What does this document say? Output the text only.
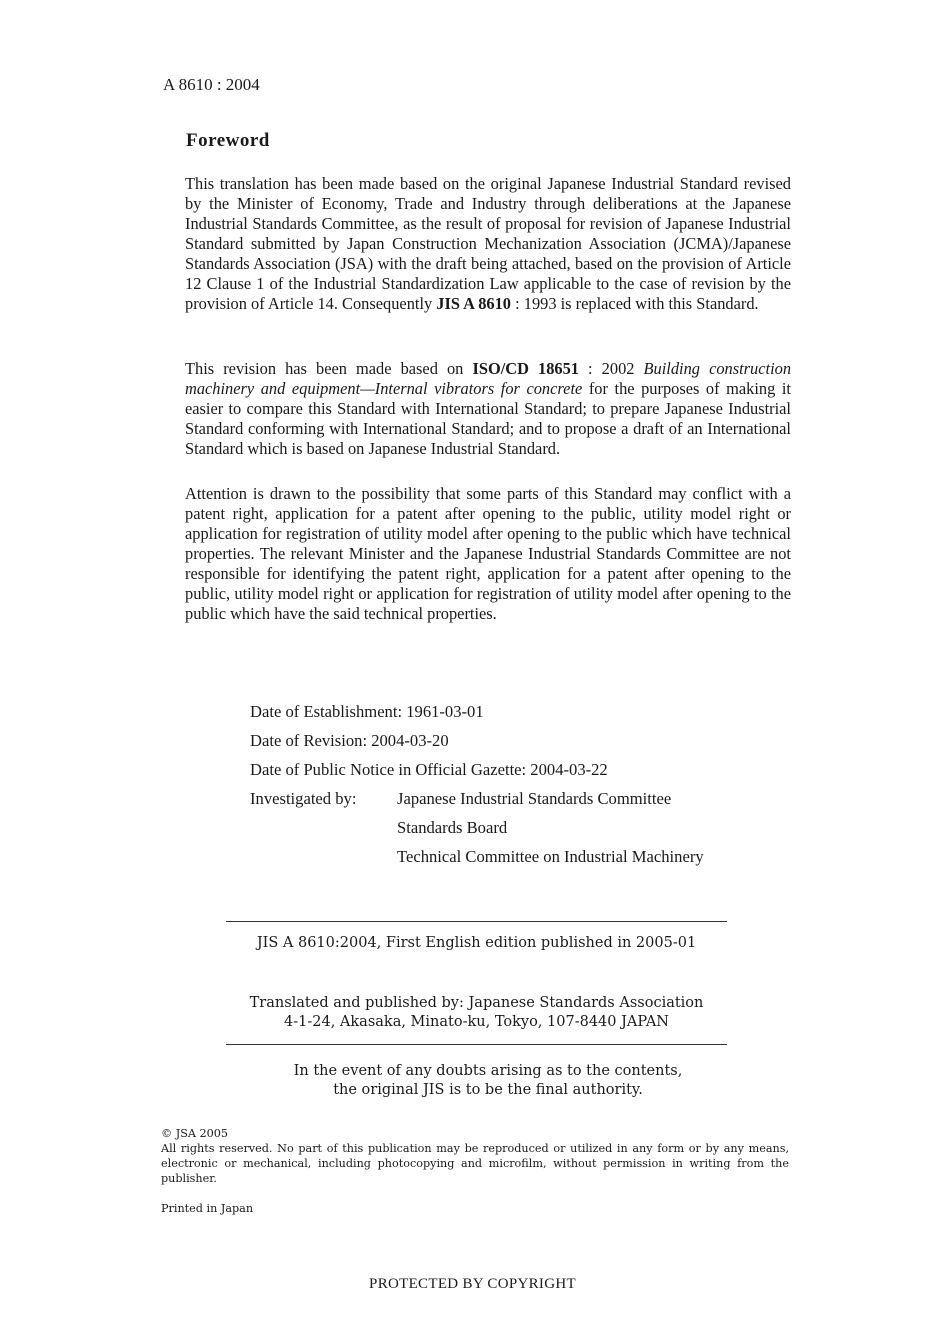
A 8610 : 2004
Foreword
This translation has been made based on the original Japanese Industrial Standard revised by the Minister of Economy, Trade and Industry through deliberations at the Japanese Industrial Standards Committee, as the result of proposal for revision of Japanese Industrial Standard submitted by Japan Construction Mechanization Association (JCMA)/Japanese Standards Association (JSA) with the draft being attached, based on the provision of Article 12 Clause 1 of the Industrial Standardization Law applicable to the case of revision by the provision of Article 14. Consequently JIS A 8610 : 1993 is replaced with this Standard.
This revision has been made based on ISO/CD 18651 : 2002 Building construction machinery and equipment—Internal vibrators for concrete for the purposes of making it easier to compare this Standard with International Standard; to prepare Japanese Industrial Standard conforming with International Standard; and to propose a draft of an International Standard which is based on Japanese Industrial Standard.
Attention is drawn to the possibility that some parts of this Standard may conflict with a patent right, application for a patent after opening to the public, utility model right or application for registration of utility model after opening to the public which have technical properties. The relevant Minister and the Japanese Industrial Standards Committee are not responsible for identifying the patent right, application for a patent after opening to the public, utility model right or application for registration of utility model after opening to the public which have the said technical properties.
Date of Establishment: 1961-03-01
Date of Revision: 2004-03-20
Date of Public Notice in Official Gazette: 2004-03-22
Investigated by: Japanese Industrial Standards Committee
Standards Board
Technical Committee on Industrial Machinery
JIS A 8610:2004, First English edition published in 2005-01
Translated and published by: Japanese Standards Association
4-1-24, Akasaka, Minato-ku, Tokyo, 107-8440 JAPAN
In the event of any doubts arising as to the contents,
the original JIS is to be the final authority.
© JSA 2005
All rights reserved. No part of this publication may be reproduced or utilized in any form or by any means, electronic or mechanical, including photocopying and microfilm, without permission in writing from the publisher.
Printed in Japan
PROTECTED BY COPYRIGHT
